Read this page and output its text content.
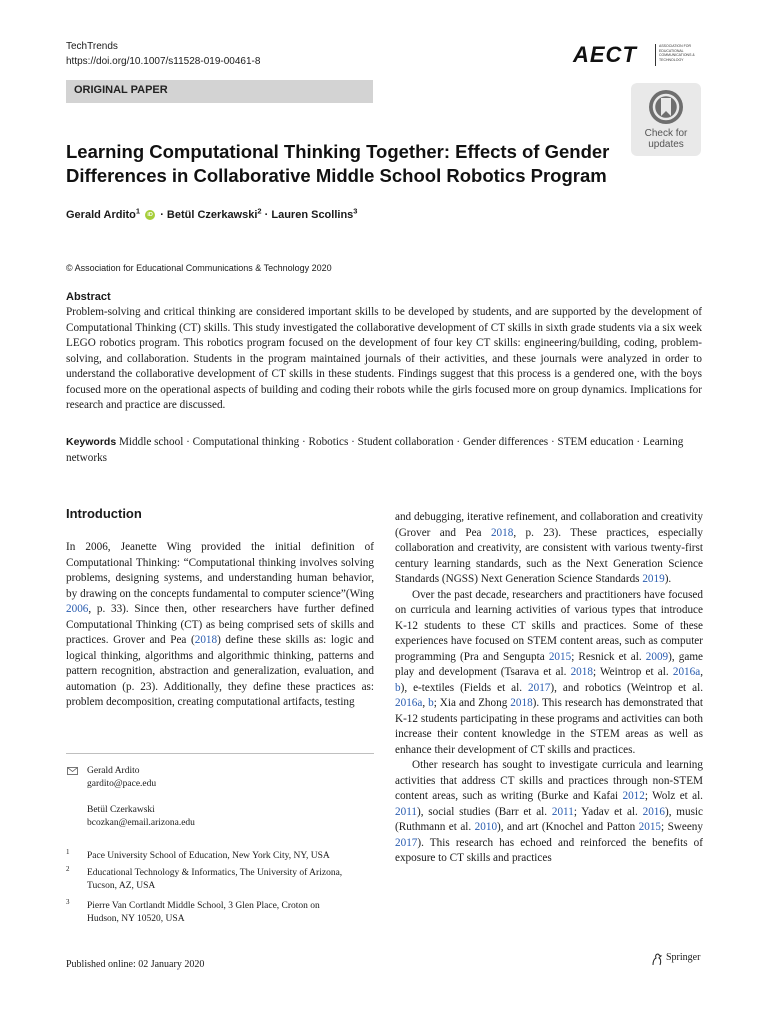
TechTrends
https://doi.org/10.1007/s11528-019-00461-8	AECT	ASSOCIATION FOR EDUCATIONAL COMMUNICATIONS & TECHNOLOGY
ORIGINAL PAPER
Check for
updates
Learning Computational Thinking Together: Effects of Gender
Differences in Collaborative Middle School Robotics Program
Gerald Ardito$^1$ iD · Betül Czerkawski$^2$ · Lauren Scollins$^3$
© Association for Educational Communications & Technology 2020
Abstract
Problem-solving and critical thinking are considered important skills to be developed by students, and are supported by the development of Computational Thinking (CT) skills. This study investigated the collaborative development of CT skills in sixth grade students via a six week LEGO robotics program. This robotics program focused on the development of four key CT skills: engineering/building, coding, problem-solving, and collaboration. Students in the program maintained journals of their activities, and these journals were analyzed in order to understand the collaborative development of CT skills in these students. Findings suggest that this process is a gendered one, with the boys focused more on the operational aspects of building and coding their robots while the girls focused more on group dynamics. Implications for research and practice are discussed.
Keywords Middle school · Computational thinking · Robotics · Student collaboration · Gender differences · STEM education · Learning networks
Introduction

In 2006, Jeanette Wing provided the initial definition of Computational Thinking: “Computational thinking involves solving problems, designing systems, and understanding human behavior, by drawing on the concepts fundamental to computer science”(Wing 2006, p. 33). Since then, other researchers have further defined Computational Thinking (CT) as being comprised sets of skills and practices. Grover and Pea (2018) define these skills as: logic and logical thinking, algorithms and algorithmic thinking, patterns and pattern recognition, abstraction and generalization, evaluation, and automation (p. 23). Additionally, they define these practices as: problem decomposition, creating computational artifacts, testing

and debugging, iterative refinement, and collaboration and creativity (Grover and Pea 2018, p. 23). These practices, especially collaboration and creativity, are consistent with various twenty-first century learning standards, such as the Next Generation Science Standards (NGSS) Next Generation Science Standards 2019).

Over the past decade, researchers and practitioners have focused on curricula and learning activities of various types that introduce K-12 students to these CT skills and practices. Some of these experiences have focused on STEM content areas, such as computer programming (Pra and Sengupta 2015; Resnick et al. 2009), game play and development (Tsarava et al. 2018; Weintrop et al. 2016a, b), e-textiles (Fields et al. 2017), and robotics (Weintrop et al. 2016a, b; Xia and Zhong 2018). This research has demonstrated that K-12 students participating in these programs and activities can both increase their content knowledge in the STEM areas as well as enhance their development of CT skills and practices.

Other research has sought to investigate curricula and learning activities that address CT skills and practices through non-STEM content areas, such as writing (Burke and Kafai 2012; Wolz et al. 2011), social studies (Barr et al. 2011; Yadav et al. 2016), music (Ruthmann et al. 2010), and art (Knochel and Patton 2015; Sweeny 2017). This research has echoed and reinforced the benefits of exposure to CT skills and practices

Gerald Ardito
gardito@pace.edu
Betül Czerkawski
bcozkan@email.arizona.edu
1 Pace University School of Education, New York City, NY, USA
2 Educational Technology & Informatics, The University of Arizona,
Tucson, AZ, USA
3 Pierre Van Cortlandt Middle School, 3 Glen Place, Croton on
Hudson, NY 10520, USA
Published online: 02 January 2020
Springer
